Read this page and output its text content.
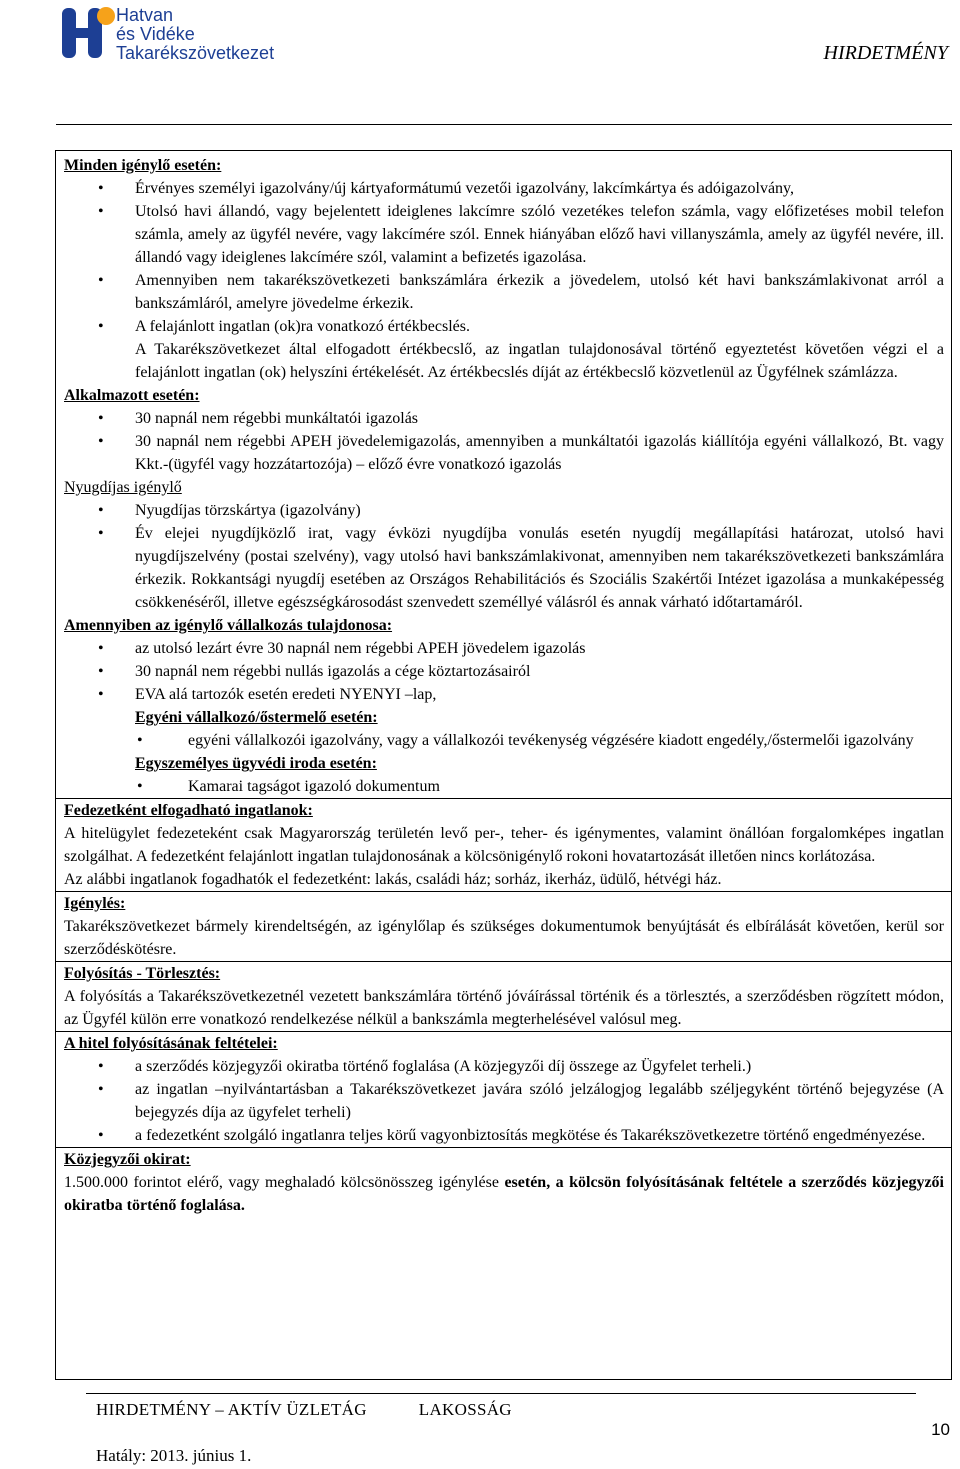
Hatvan
és Vidéke
Takarékszövetkezet	HIRDETMÉNY

Minden igénylő esetén:

• Érvényes személyi igazolvány/új kártyaformátumú vezetői igazolvány, lakcímkártya és adóigazolvány,
• Utolsó havi állandó, vagy bejelentett ideiglenes lakcímre szóló vezetékes telefon számla, vagy előfizetéses mobil telefon számla, amely az ügyfél nevére, vagy lakcímére szól. Ennek hiányában előző havi villanyszámla, amely az ügyfél nevére, ill. állandó vagy ideiglenes lakcímére szól, valamint a befizetés igazolása.
• Amennyiben nem takarékszövetkezeti bankszámlára érkezik a jövedelem, utolsó két havi bankszámlakivonat arról a bankszámláról, amelyre jövedelme érkezik.
• A felajánlott ingatlan (ok)ra vonatkozó értékbecslés.

A Takarékszövetkezet által elfogadott értékbecslő, az ingatlan tulajdonosával történő egyeztetést követően végzi el a felajánlott ingatlan (ok) helyszíni értékelését. Az értékbecslés díját az értékbecslő közvetlenül az Ügyfélnek számlázza.

Alkalmazott esetén:

• 30 napnál nem régebbi munkáltatói igazolás
• 30 napnál nem régebbi APEH jövedelemigazolás, amennyiben a munkáltatói igazolás kiállítója egyéni vállalkozó, Bt. vagy Kkt.-(ügyfél vagy hozzátartozója) – előző évre vonatkozó igazolás

Nyugdíjas igénylő

• Nyugdíjas törzskártya (igazolvány)
• Év elejei nyugdíjközlő irat, vagy évközi nyugdíjba vonulás esetén nyugdíj megállapítási határozat, utolsó havi nyugdíjszelvény (postai szelvény), vagy utolsó havi bankszámlakivonat, amennyiben nem takarékszövetkezeti bankszámlára érkezik. Rokkantsági nyugdíj esetében az Országos Rehabilitációs és Szociális Szakértői Intézet igazolása a munkaképesség csökkenéséről, illetve egészségkárosodást szenvedett személlyé válásról és annak várható időtartamáról.

Amennyiben az igénylő vállalkozás tulajdonosa:

• az utolsó lezárt évre 30 napnál nem régebbi APEH jövedelem igazolás
• 30 napnál nem régebbi nullás igazolás a cége köztartozásairól
• EVA alá tartozók esetén eredeti NYENYI –lap,

Egyéni vállalkozó/őstermelő esetén:

• egyéni vállalkozói igazolvány, vagy a vállalkozói tevékenység végzésére kiadott engedély,/őstermelői igazolvány

Egyszemélyes ügyvédi iroda esetén:

• Kamarai tagságot igazoló dokumentum

Fedezetként elfogadható ingatlanok:

A hitelügylet fedezeteként csak Magyarország területén levő per-, teher- és igénymentes, valamint önállóan forgalomképes ingatlan szolgálhat. A fedezetként felajánlott ingatlan tulajdonosának a kölcsönigénylő rokoni hovatartozását illetően nincs korlátozása.

Az alábbi ingatlanok fogadhatók el fedezetként: lakás, családi ház; sorház, ikerház, üdülő, hétvégi ház.

Igénylés:

Takarékszövetkezet bármely kirendeltségén, az igénylőlap és szükséges dokumentumok benyújtását és elbírálását követően, kerül sor szerződéskötésre.

Folyósítás - Törlesztés:

A folyósítás a Takarékszövetkezetnél vezetett bankszámlára történő jóváírással történik és a törlesztés, a szerződésben rögzített módon, az Ügyfél külön erre vonatkozó rendelkezése nélkül a bankszámla megterhelésével valósul meg.

A hitel folyósításának feltételei:

• a szerződés közjegyzői okiratba történő foglalása (A közjegyzői díj összege az Ügyfelet terheli.)
• az ingatlan –nyilvántartásban a Takarékszövetkezet javára szóló jelzálogjog legalább széljegyként történő bejegyzése (A bejegyzés díja az ügyfelet terheli)
• a fedezetként szolgáló ingatlanra teljes körű vagyonbiztosítás megkötése és Takarékszövetkezetre történő engedményezése.

Közjegyzői okirat:

1.500.000 forintot elérő, vagy meghaladó kölcsönösszeg igénylése esetén, a kölcsön folyósításának feltétele a szerződés közjegyzői okiratba történő foglalása.

HIRDETMÉNY – AKTÍV ÜZLETÁG	LAKOSSÁG
Hatály: 2013. június 1.
10
